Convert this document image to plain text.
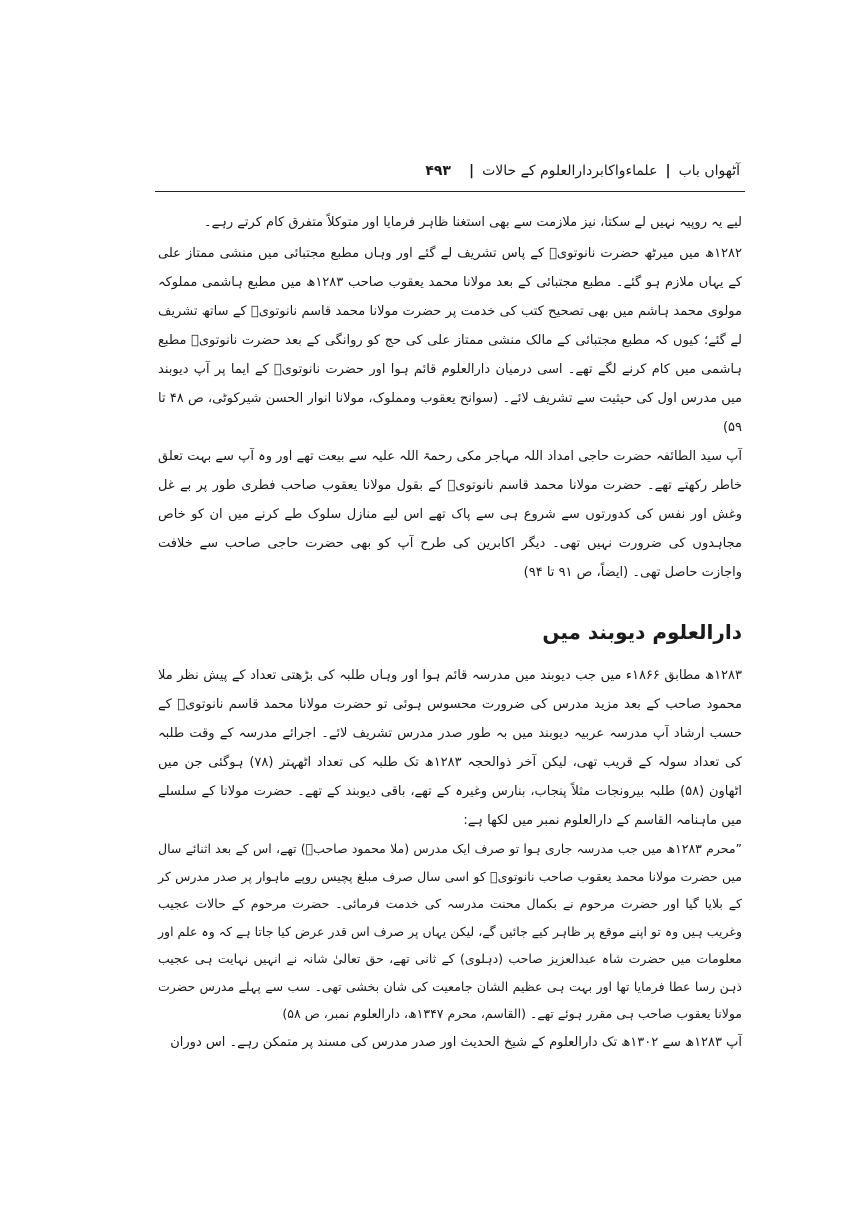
آٹھواں باب
|
علماءواکابردارالعلوم کے حالات
|
۴۹۳

لیے یہ روپیہ نہیں لے سکتا، نیز ملازمت سے بھی استغنا ظاہر فرمایا اور متوکلاً متفرق کام کرتے رہے۔

۱۲۸۲ھ میں میرٹھ حضرت نانوتویؒ کے پاس تشریف لے گئے اور وہاں مطبع مجتبائی میں منشی ممتاز علی کے یہاں ملازم ہو گئے۔ مطبع مجتبائی کے بعد مولانا محمد یعقوب صاحب ۱۲۸۳ھ میں مطبع ہاشمی مملوکہ مولوی محمد ہاشم میں بھی تصحیح کتب کی خدمت پر حضرت مولانا محمد قاسم نانوتویؒ کے ساتھ تشریف لے گئے؛ کیوں کہ مطبع مجتبائی کے مالک منشی ممتاز علی کی حج کو روانگی کے بعد حضرت نانوتویؒ مطبع ہاشمی میں کام کرنے لگے تھے۔ اسی درمیان دارالعلوم قائم ہوا اور حضرت نانوتویؒ کے ایما پر آپ دیوبند میں مدرس اول کی حیثیت سے تشریف لائے۔ (سوانح یعقوب ومملوک، مولانا انوار الحسن شیرکوٹی، ص ۴۸ تا ۵۹)

آپ سید الطائفہ حضرت حاجی امداد اللہ مہاجر مکی رحمۃ اللہ علیہ سے بیعت تھے اور وہ آپ سے بہت تعلق خاطر رکھتے تھے۔ حضرت مولانا محمد قاسم نانوتویؒ کے بقول مولانا یعقوب صاحب فطری طور پر بے غل وغش اور نفس کی کدورتوں سے شروع ہی سے پاک تھے اس لیے منازل سلوک طے کرنے میں ان کو خاص مجاہدوں کی ضرورت نہیں تھی۔ دیگر اکابرین کی طرح آپ کو بھی حضرت حاجی صاحب سے خلافت واجازت حاصل تھی۔ (ایضاً، ص ۹۱ تا ۹۴)

دارالعلوم دیوبند میں

۱۲۸۳ھ مطابق ۱۸۶۶ء میں جب دیوبند میں مدرسہ قائم ہوا اور وہاں طلبہ کی بڑھتی تعداد کے پیش نظر ملا محمود صاحب کے بعد مزید مدرس کی ضرورت محسوس ہوئی تو حضرت مولانا محمد قاسم نانوتویؒ کے حسب ارشاد آپ مدرسہ عربیہ دیوبند میں بہ طور صدر مدرس تشریف لائے۔ اجرائے مدرسہ کے وقت طلبہ کی تعداد سولہ کے قریب تھی، لیکن آخر ذوالحجہ ۱۲۸۳ھ تک طلبہ کی تعداد اٹھہتر (۷۸) ہوگئی جن میں اٹھاون (۵۸) طلبہ بیرونجات مثلاً پنجاب، بنارس وغیرہ کے تھے، باقی دیوبند کے تھے۔ حضرت مولانا کے سلسلے میں ماہنامہ القاسم کے دارالعلوم نمبر میں لکھا ہے:

”محرم ۱۲۸۳ھ میں جب مدرسہ جاری ہوا تو صرف ایک مدرس (ملا محمود صاحبؒ) تھے، اس کے بعد اثنائے سال میں حضرت مولانا محمد یعقوب صاحب نانوتویؒ کو اسی سال صرف مبلغ پچیس روپے ماہوار پر صدر مدرس کر کے بلایا گیا اور حضرت مرحوم نے بکمال محنت مدرسہ کی خدمت فرمائی۔ حضرت مرحوم کے حالات عجیب وغریب ہیں وہ تو اپنے موقع پر ظاہر کیے جائیں گے، لیکن یہاں پر صرف اس قدر عرض کیا جاتا ہے کہ وہ علم اور معلومات میں حضرت شاہ عبدالعزیز صاحب (دہلوی) کے ثانی تھے، حق تعالیٰ شانہ نے انہیں نہایت ہی عجیب ذہن رسا عطا فرمایا تھا اور بہت ہی عظیم الشان جامعیت کی شان بخشی تھی۔ سب سے پہلے مدرس حضرت مولانا یعقوب صاحب ہی مقرر ہوئے تھے۔ (القاسم، محرم ۱۳۴۷ھ، دارالعلوم نمبر، ص ۵۸)

آپ ۱۲۸۳ھ سے ۱۳۰۲ھ تک دارالعلوم کے شیخ الحدیث اور صدر مدرس کی مسند پر متمکن رہے۔ اس دوران
